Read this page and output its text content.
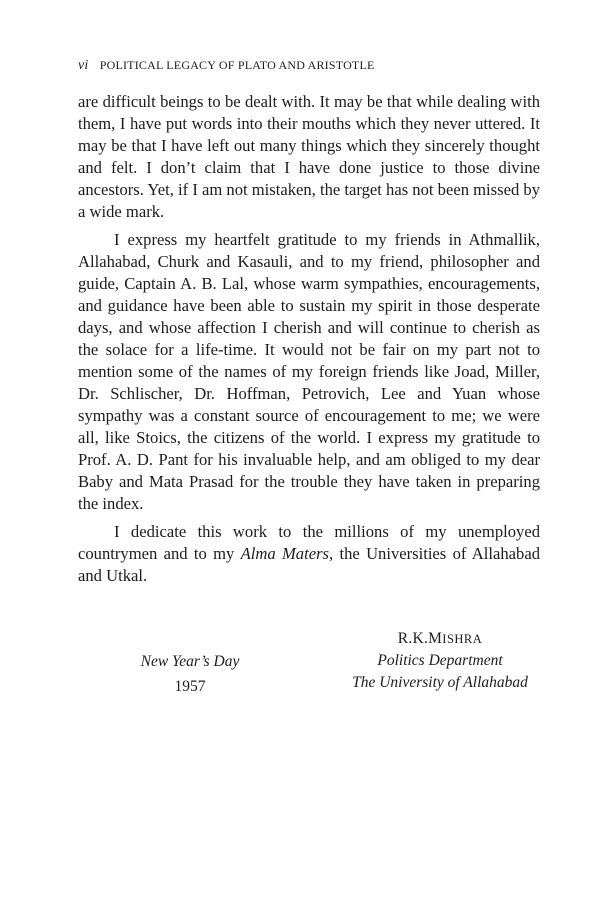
vi POLITICAL LEGACY OF PLATO AND ARISTOTLE

are difficult beings to be dealt with. It may be that while dealing with them, I have put words into their mouths which they never uttered. It may be that I have left out many things which they sincerely thought and felt. I don’t claim that I have done justice to those divine ancestors. Yet, if I am not mistaken, the target has not been missed by a wide mark.

I express my heartfelt gratitude to my friends in Athmallik, Allahabad, Churk and Kasauli, and to my friend, philosopher and guide, Captain A. B. Lal, whose warm sympathies, encouragements, and guidance have been able to sustain my spirit in those desperate days, and whose affection I cherish and will continue to cherish as the solace for a life-time. It would not be fair on my part not to mention some of the names of my foreign friends like Joad, Miller, Dr. Schlischer, Dr. Hoffman, Petrovich, Lee and Yuan whose sympathy was a constant source of encouragement to me; we were all, like Stoics, the citizens of the world. I express my gratitude to Prof. A. D. Pant for his invaluable help, and am obliged to my dear Baby and Mata Prasad for the trouble they have taken in preparing the index.

I dedicate this work to the millions of my unemployed countrymen and to my Alma Maters, the Universities of Allahabad and Utkal.

New Year’s Day
1957
R.K.MISHRA
Politics Department
The University of Allahabad
